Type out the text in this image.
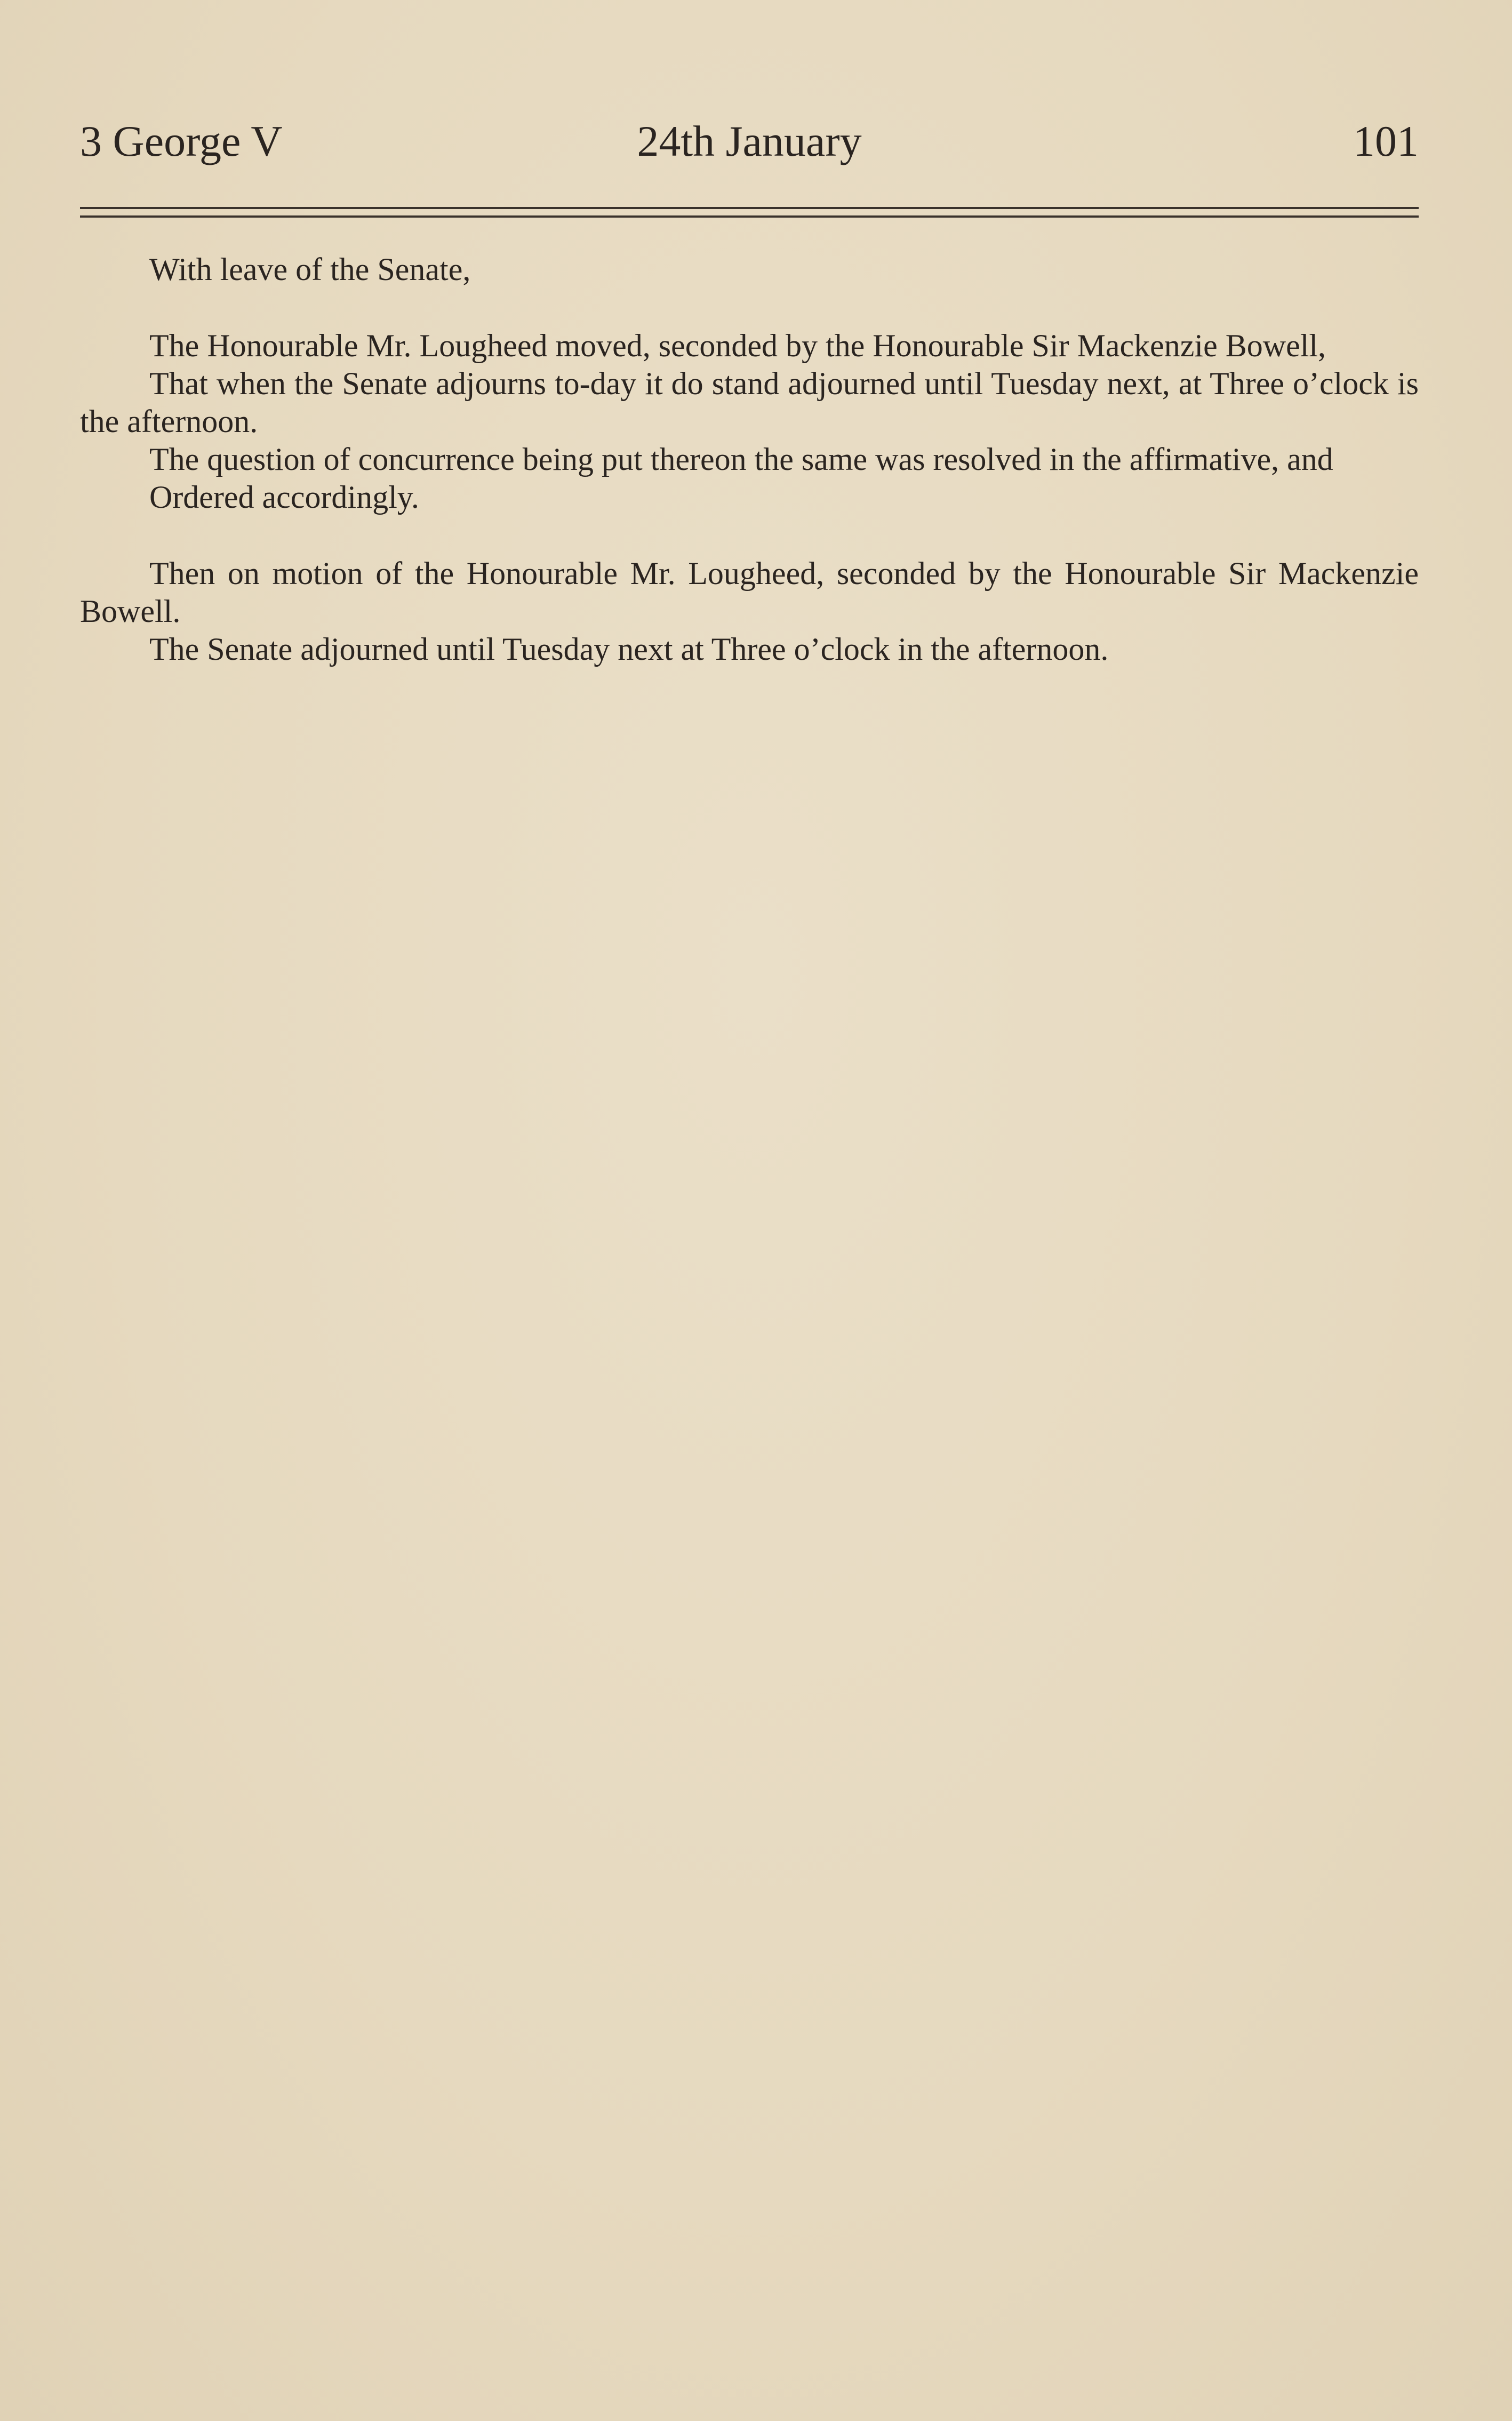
3 George V	24th January	101

With leave of the Senate,

The Honourable Mr. Lougheed moved, seconded by the Honourable Sir Mackenzie Bowell,

That when the Senate adjourns to-day it do stand adjourned until Tuesday next, at Three o’clock is the afternoon.

The question of concurrence being put thereon the same was resolved in the affirmative, and

Ordered accordingly.

Then on motion of the Honourable Mr. Lougheed, seconded by the Honourable Sir Mackenzie Bowell.

The Senate adjourned until Tuesday next at Three o’clock in the afternoon.
